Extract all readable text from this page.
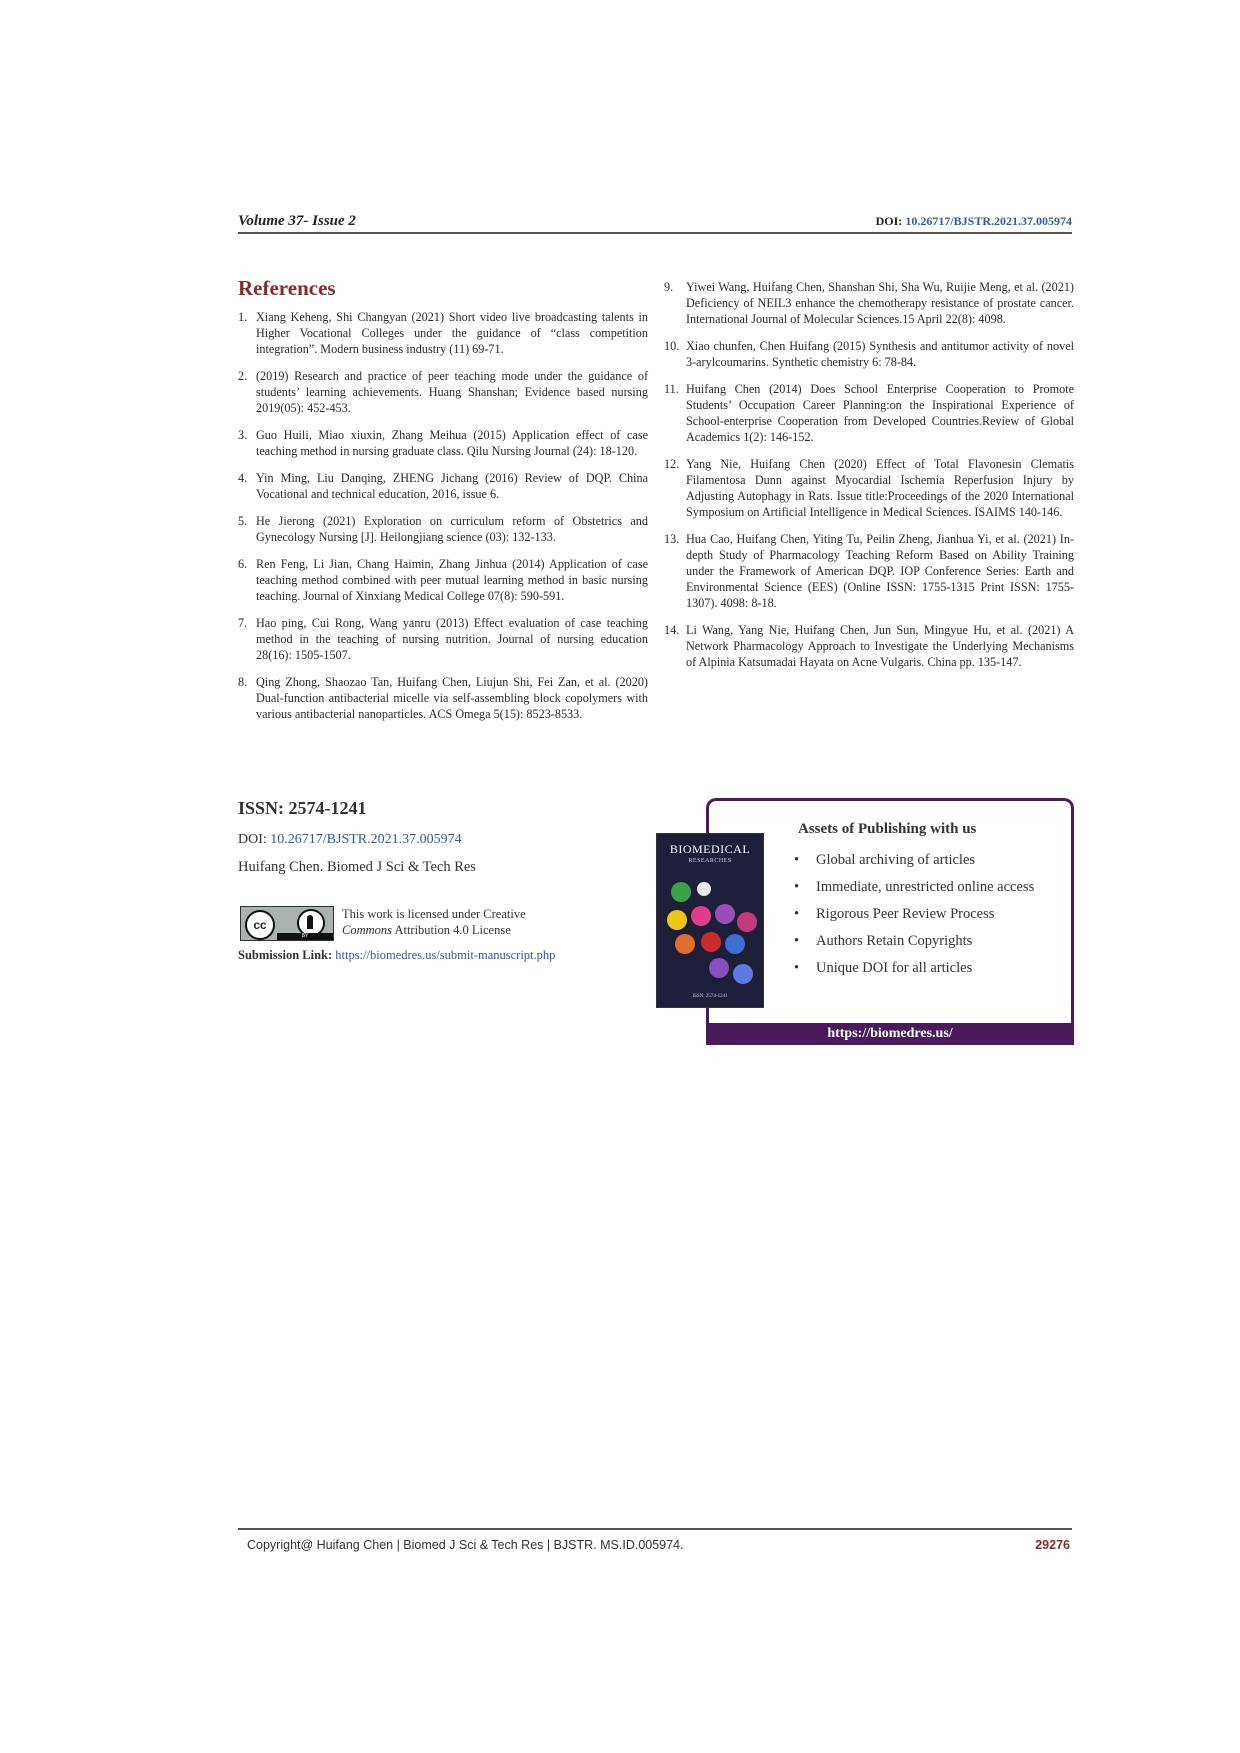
Volume 37- Issue 2	DOI: 10.26717/BJSTR.2021.37.005974
References
1. Xiang Keheng, Shi Changyan (2021) Short video live broadcasting talents in Higher Vocational Colleges under the guidance of “class competition integration”. Modern business industry (11) 69-71.
2. (2019) Research and practice of peer teaching mode under the guidance of students’ learning achievements. Huang Shanshan; Evidence based nursing 2019(05): 452-453.
3. Guo Huili, Miao xiuxin, Zhang Meihua (2015) Application effect of case teaching method in nursing graduate class. Qilu Nursing Journal (24): 18-120.
4. Yin Ming, Liu Danqing, ZHENG Jichang (2016) Review of DQP. China Vocational and technical education, 2016, issue 6.
5. He Jierong (2021) Exploration on curriculum reform of Obstetrics and Gynecology Nursing [J]. Heilongjiang science (03): 132-133.
6. Ren Feng, Li Jian, Chang Haimin, Zhang Jinhua (2014) Application of case teaching method combined with peer mutual learning method in basic nursing teaching. Journal of Xinxiang Medical College 07(8): 590-591.
7. Hao ping, Cui Rong, Wang yanru (2013) Effect evaluation of case teaching method in the teaching of nursing nutrition. Journal of nursing education 28(16): 1505-1507.
8. Qing Zhong, Shaozao Tan, Huifang Chen, Liujun Shi, Fei Zan, et al. (2020) Dual-function antibacterial micelle via self-assembling block copolymers with various antibacterial nanoparticles. ACS Omega 5(15): 8523-8533.
9. Yiwei Wang, Huifang Chen, Shanshan Shi, Sha Wu, Ruijie Meng, et al. (2021) Deficiency of NEIL3 enhance the chemotherapy resistance of prostate cancer. International Journal of Molecular Sciences.15 April 22(8): 4098.
10. Xiao chunfen, Chen Huifang (2015) Synthesis and antitumor activity of novel 3-arylcoumarins. Synthetic chemistry 6: 78-84.
11. Huifang Chen (2014) Does School Enterprise Cooperation to Promote Students’ Occupation Career Planning:on the Inspirational Experience of School-enterprise Cooperation from Developed Countries.Review of Global Academics 1(2): 146-152.
12. Yang Nie, Huifang Chen (2020) Effect of Total Flavonesin Clematis Filamentosa Dunn against Myocardial Ischemia Reperfusion Injury by Adjusting Autophagy in Rats. Issue title:Proceedings of the 2020 International Symposium on Artificial Intelligence in Medical Sciences. ISAIMS 140-146.
13. Hua Cao, Huifang Chen, Yiting Tu, Peilin Zheng, Jianhua Yi, et al. (2021) In-depth Study of Pharmacology Teaching Reform Based on Ability Training under the Framework of American DQP. IOP Conference Series: Earth and Environmental Science (EES) (Online ISSN: 1755-1315 Print ISSN: 1755-1307). 4098: 8-18.
14. Li Wang, Yang Nie, Huifang Chen, Jun Sun, Mingyue Hu, et al. (2021) A Network Pharmacology Approach to Investigate the Underlying Mechanisms of Alpinia Katsumadai Hayata on Acne Vulgaris. China pp. 135-147.
ISSN: 2574-1241
DOI: 10.26717/BJSTR.2021.37.005974
Huifang Chen. Biomed J Sci & Tech Res
cc
BY
This work is licensed under Creative
Commons Attribution 4.0 License
Submission Link: https://biomedres.us/submit-manuscript.php
https://biomedres.us/
Assets of Publishing with us
• Global archiving of articles
• Immediate, unrestricted online access
• Rigorous Peer Review Process
• Authors Retain Copyrights
• Unique DOI for all articles
BIOMEDICAL
RESEARCHES
ISSN: 2574-1241
Copyright@ Huifang Chen | Biomed J Sci & Tech Res | BJSTR. MS.ID.005974.	29276
